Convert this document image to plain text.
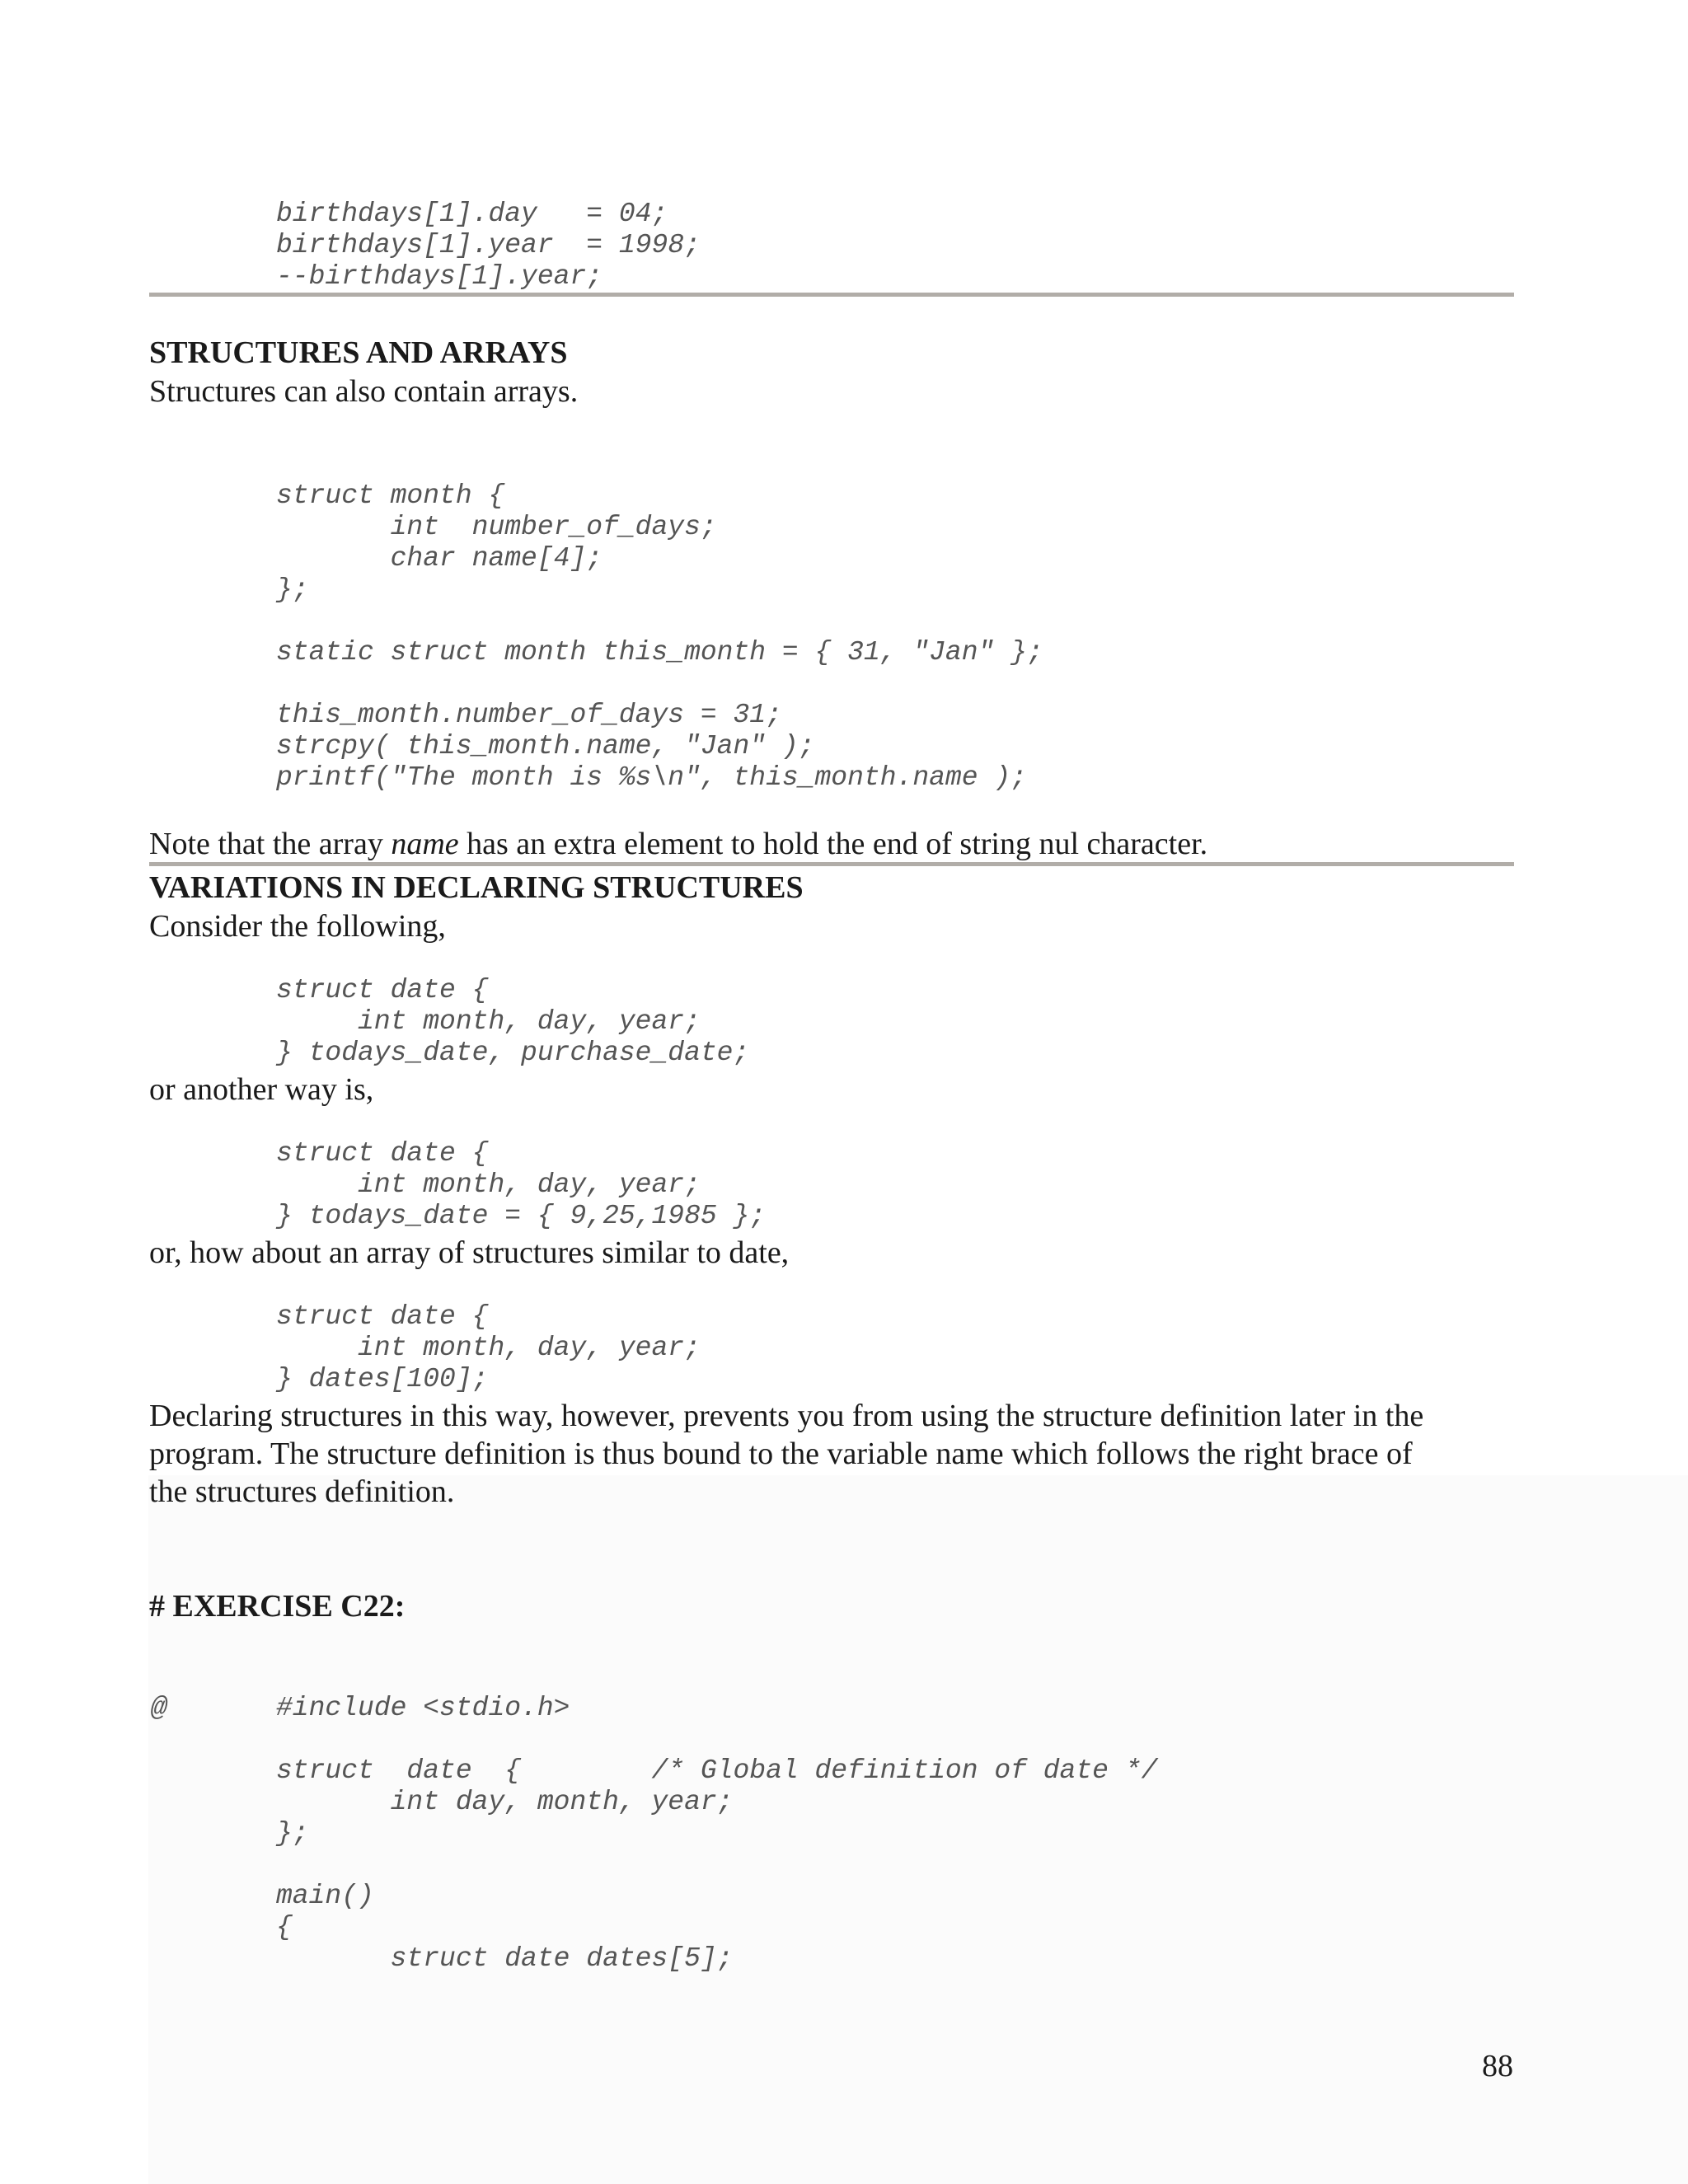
birthdays[1].day   = 04;
birthdays[1].year  = 1998;
--birthdays[1].year;

STRUCTURES AND ARRAYS

Structures can also contain arrays.

struct month {
int  number_of_days;
char name[4];
};
static struct month this_month = { 31, "Jan" };
this_month.number_of_days = 31;
strcpy( this_month.name, "Jan" );
printf("The month is %s\n", this_month.name );

Note that the array name has an extra element to hold the end of string nul character.

VARIATIONS IN DECLARING STRUCTURES

Consider the following,

struct date {
int month, day, year;
} todays_date, purchase_date;

or another way is,

struct date {
int month, day, year;
} todays_date = { 9,25,1985 };

or, how about an array of structures similar to date,

struct date {
int month, day, year;
} dates[100];

Declaring structures in this way, however, prevents you from using the structure definition later in the

program. The structure definition is thus bound to the variable name which follows the right brace of

the structures definition.

# EXERCISE C22:

@	#include <stdio.h>
struct  date  {        /* Global definition of date */
int day, month, year;
};
main()
{
struct date dates[5];

88
